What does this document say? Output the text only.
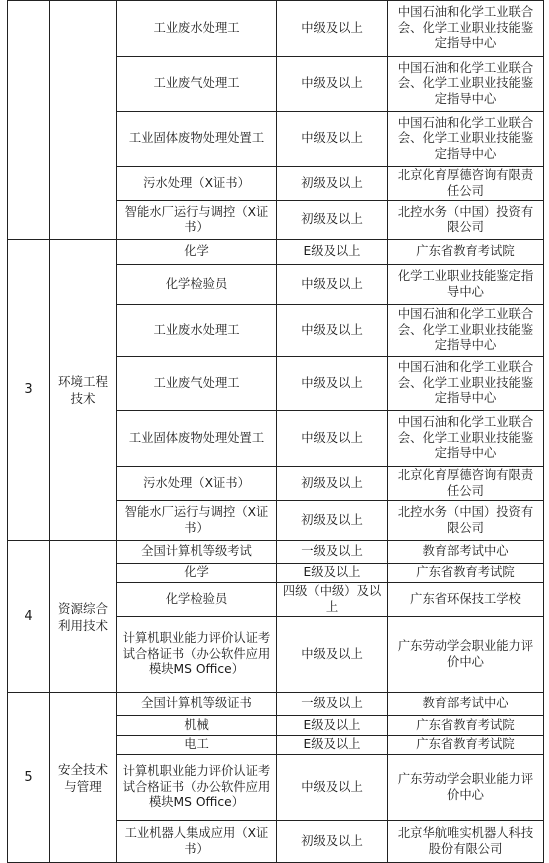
		工业废水处理工	中级及以上	中国石油和化学工业联合会、化学工业职业技能鉴定指导中心
		工业废气处理工	中级及以上	中国石油和化学工业联合会、化学工业职业技能鉴定指导中心
		工业固体废物处理处置工	中级及以上	中国石油和化学工业联合会、化学工业职业技能鉴定指导中心
		污水处理（X证书）	初级及以上	北京化育厚德咨询有限责任公司
		智能水厂运行与调控（X证书）	初级及以上	北控水务（中国）投资有限公司
3	环境工程技术	化学	E级及以上	广东省教育考试院
		化学检验员	中级及以上	化学工业职业技能鉴定指导中心
		工业废水处理工	中级及以上	中国石油和化学工业联合会、化学工业职业技能鉴定指导中心
		工业废气处理工	中级及以上	中国石油和化学工业联合会、化学工业职业技能鉴定指导中心
		工业固体废物处理处置工	中级及以上	中国石油和化学工业联合会、化学工业职业技能鉴定指导中心
		污水处理（X证书）	初级及以上	北京化育厚德咨询有限责任公司
		智能水厂运行与调控（X证书）	初级及以上	北控水务（中国）投资有限公司
4	资源综合利用技术	全国计算机等级考试	一级及以上	教育部考试中心
		化学	E级及以上	广东省教育考试院
		化学检验员	四级（中级）及以上	广东省环保技工学校
		计算机职业能力评价认证考试合格证书（办公软件应用模块MS Office）	中级及以上	广东劳动学会职业能力评价中心
5	安全技术与管理	全国计算机等级证书	一级及以上	教育部考试中心
		机械	E级及以上	广东省教育考试院
		电工	E级及以上	广东省教育考试院
		计算机职业能力评价认证考试合格证书（办公软件应用模块MS Office）	中级及以上	广东劳动学会职业能力评价中心
		工业机器人集成应用（X证书）	初级及以上	北京华航唯实机器人科技股份有限公司
